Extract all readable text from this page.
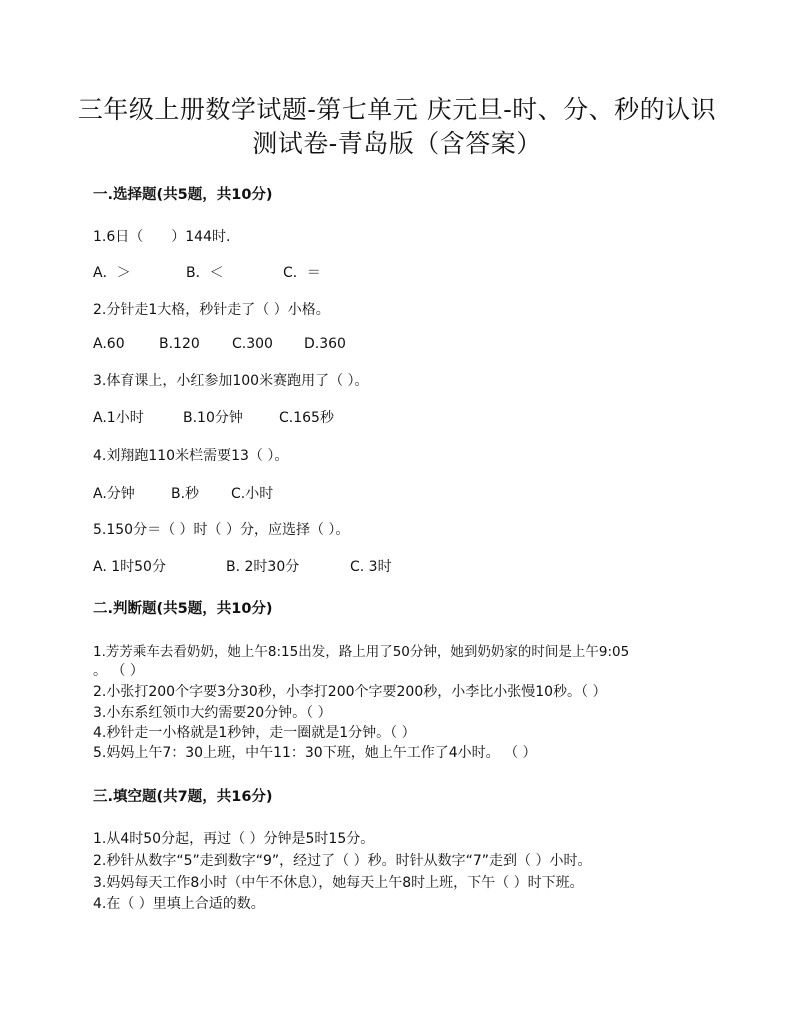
三年级上册数学试题-第七单元 庆元旦-时、分、秒的认识
测试卷-青岛版（含答案）
一.选择题(共5题，共10分)
1.6日（　　）144时.
A．＞	B．＜	C．＝
2.分针走1大格，秒针走了（ ）小格。
A.60 B.120 C.300 D.360
3.体育课上，小红参加100米赛跑用了（ ）。
A.1小时	B.10分钟	C.165秒
4.刘翔跑110米栏需要13（ ）。
A.分钟	B.秒 C.小时
5.150分＝（ ）时（ ）分，应选择（ ）。
A. 1时50分	B. 2时30分	C. 3时
二.判断题(共5题，共10分)
1.芳芳乘车去看奶奶，她上午8:15出发，路上用了50分钟，她到奶奶家的时间是上午9:05
。 （ ）
2.小张打200个字要3分30秒，小李打200个字要200秒，小李比小张慢10秒。（ ）
3.小东系红领巾大约需要20分钟。（ ）
4.秒针走一小格就是1秒钟，走一圈就是1分钟。（ ）
5.妈妈上午7：30上班，中午11：30下班，她上午工作了4小时。 （ ）
三.填空题(共7题，共16分)
1.从4时50分起，再过（ ）分钟是5时15分。
2.秒针从数字“5”走到数字“9”，经过了（ ）秒。时针从数字“7”走到（ ）小时。
3.妈妈每天工作8小时（中午不休息），她每天上午8时上班，下午（ ）时下班。
4.在（ ）里填上合适的数。
